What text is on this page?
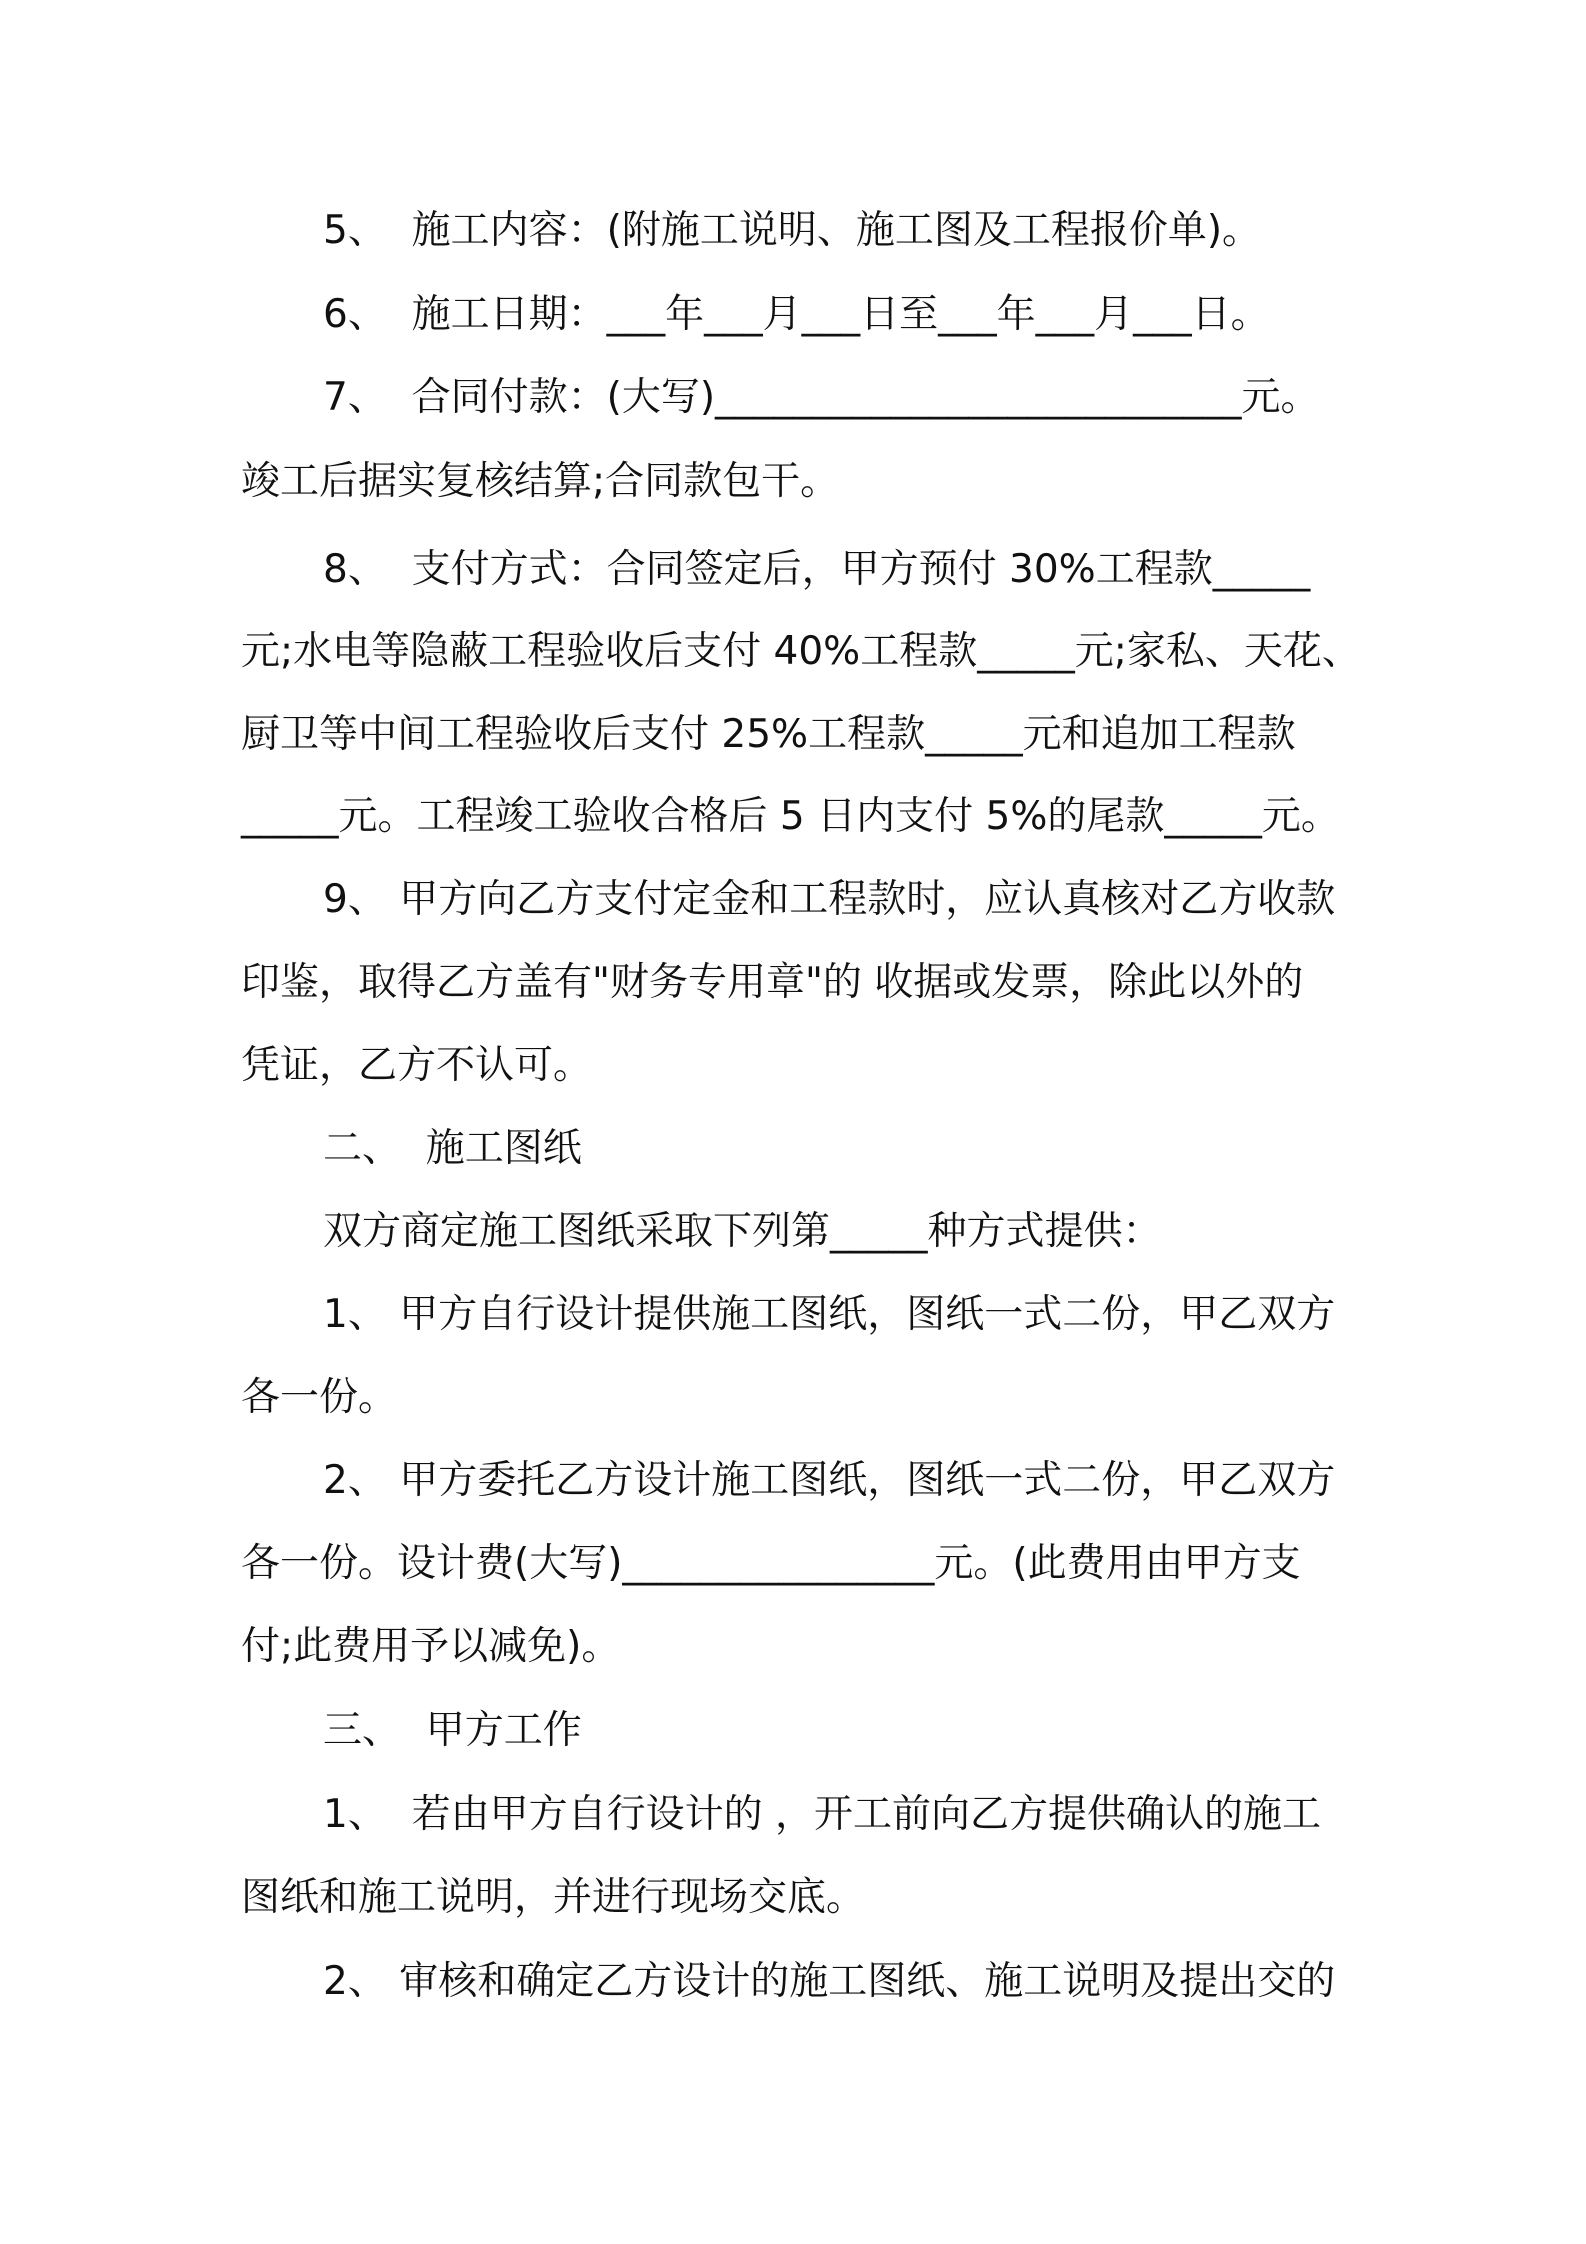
5、  施工内容：(附施工说明、施工图及工程报价单)。
6、  施工日期：___年___月___日至___年___月___日。
7、  合同付款：(大写)___________________________元。
竣工后据实复核结算;合同款包干。
8、  支付方式：合同签定后，甲方预付 30%工程款_____
元;水电等隐蔽工程验收后支付 40%工程款_____元;家私、天花、
厨卫等中间工程验收后支付 25%工程款_____元和追加工程款
_____元。工程竣工验收合格后 5 日内支付 5%的尾款_____元。
9、 甲方向乙方支付定金和工程款时，应认真核对乙方收款
印鉴，取得乙方盖有"财务专用章"的 收据或发票，除此以外的
凭证，乙方不认可。
二、  施工图纸
双方商定施工图纸采取下列第_____种方式提供：
1、 甲方自行设计提供施工图纸，图纸一式二份，甲乙双方
各一份。
2、 甲方委托乙方设计施工图纸，图纸一式二份，甲乙双方
各一份。设计费(大写)________________元。(此费用由甲方支
付;此费用予以减免)。
三、  甲方工作
1、  若由甲方自行设计的 ，开工前向乙方提供确认的施工
图纸和施工说明，并进行现场交底。
2、 审核和确定乙方设计的施工图纸、施工说明及提出交的
